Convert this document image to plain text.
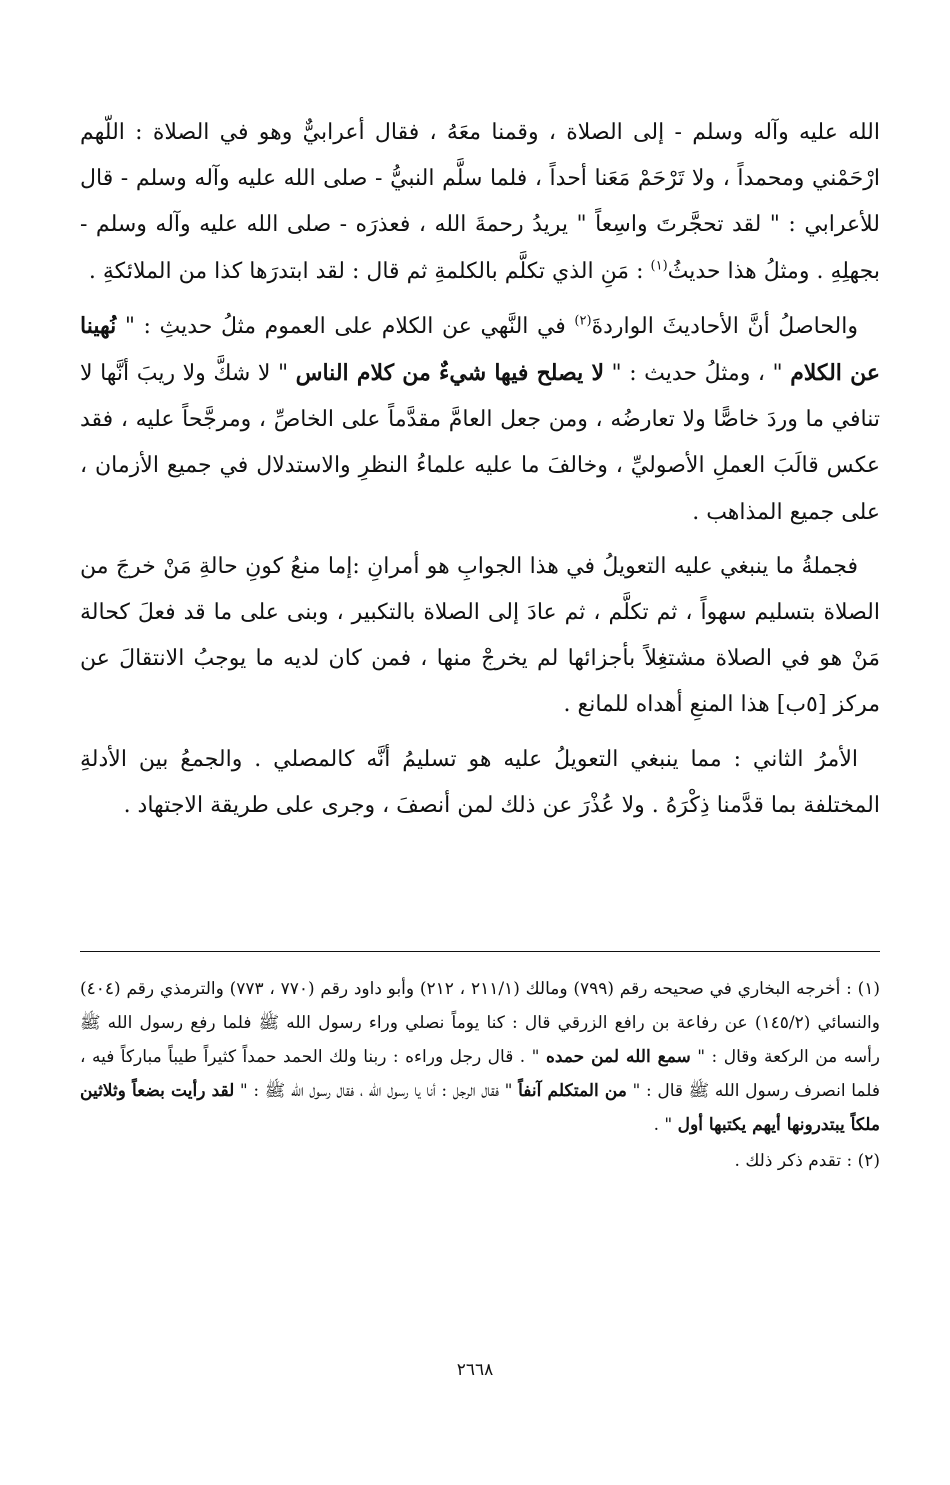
الله عليه وآله وسلم - إلى الصلاة ، وقمنا معَهُ ، فقال أعرابيٌّ وهو في الصلاة : اللّهم ارْحَمْني ومحمداً ، ولا تَرْحَمْ مَعَنا أحداً ، فلما سلَّم النبيُّ - صلى الله عليه وآله وسلم - قال للأعرابي : " لقد تحجَّرتَ واسِعاً " يريدُ رحمةَ الله ، فعذرَه - صلى الله عليه وآله وسلم - بجهلِهِ . ومثلُ هذا حديثُ$^{(١)}$ : مَنِ الذي تكلَّم بالكلمةِ ثم قال : لقد ابتدرَها كذا من الملائكةِ .

والحاصلُ أنَّ الأحاديثَ الواردةَ$^{(٢)}$ في النَّهي عن الكلام على العموم مثلُ حديثِ : " نُهينا عن الكلام " ، ومثلُ حديث : " لا يصلح فيها شيءٌ من كلام الناس " لا شكَّ ولا ريبَ أنَّها لا تنافي ما وردَ خاصًّا ولا تعارضُه ، ومن جعل العامَّ مقدَّماً على الخاصِّ ، ومرجَّحاً عليه ، فقد عكس قالَبَ العملِ الأصوليِّ ، وخالفَ ما عليه علماءُ النظرِ والاستدلال في جميع الأزمان ، على جميع المذاهب .

فجملةُ ما ينبغي عليه التعويلُ في هذا الجوابِ هو أمرانِ :إما منعُ كونِ حالةِ مَنْ خرجَ من الصلاة بتسليم سهواً ، ثم تكلَّم ، ثم عادَ إلى الصلاة بالتكبير ، وبنى على ما قد فعلَ كحالة مَنْ هو في الصلاة مشتغِلاً بأجزائها لم يخرجْ منها ، فمن كان لديه ما يوجبُ الانتقالَ عن مركز [٥ب] هذا المنعِ أهداه للمانع .

الأمرُ الثاني : مما ينبغي التعويلُ عليه هو تسليمُ أنَّه كالمصلي . والجمعُ بين الأدلةِ المختلفة بما قدَّمنا ذِكْرَهُ . ولا عُذْرَ عن ذلك لمن أنصفَ ، وجرى على طريقة الاجتهاد .

(١) : أخرجه البخاري في صحيحه رقم (٧٩٩) ومالك (٢١١/١ ، ٢١٢) وأبو داود رقم (٧٧٠ ، ٧٧٣) والترمذي رقم (٤٠٤) والنسائي (١٤٥/٢) عن رفاعة بن رافع الزرقي قال : كنا يوماً نصلي وراء رسول الله ﷺ فلما رفع رسول الله ﷺ رأسه من الركعة وقال : " سمع الله لمن حمده " . قال رجل وراءه : ربنا ولك الحمد حمداً كثيراً طيباً مباركاً فيه ، فلما انصرف رسول الله ﷺ قال : " من المتكلم آنفاً " فقال الرجل : أنا يا رسول الله ، فقال رسول الله ﷺ : " لقد رأيت بضعاً وثلاثين ملكاً يبتدرونها أيهم يكتبها أول " .

(٢) : تقدم ذكر ذلك .

٢٦٦٨
